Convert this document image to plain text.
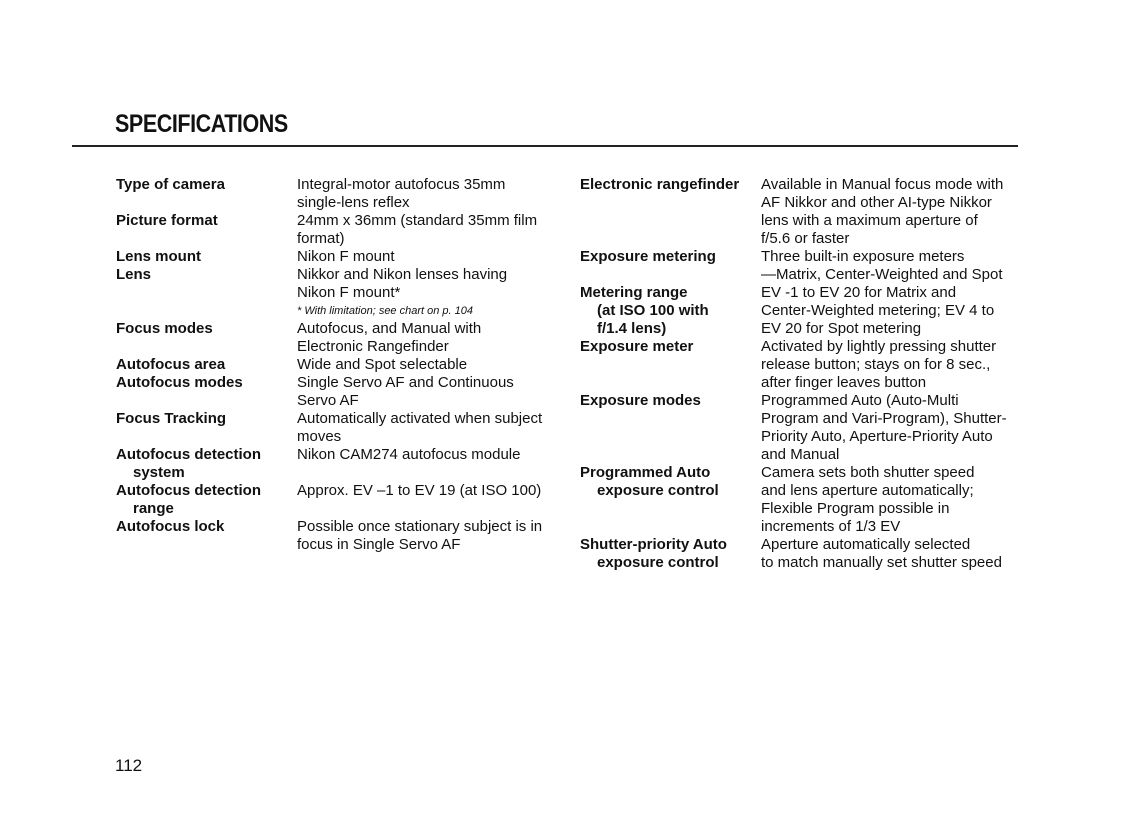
SPECIFICATIONS
Type of camera
Picture format
Lens mount
Lens
Focus modes
Autofocus area
Autofocus modes
Focus Tracking
Autofocus detection
system
Autofocus detection
range
Autofocus lock
Integral-motor autofocus 35mm
single-lens reflex
24mm x 36mm (standard 35mm film
format)
Nikon F mount
Nikkor and Nikon lenses having
Nikon F mount*
* With limitation; see chart on p. 104
Autofocus, and Manual with
Electronic Rangefinder
Wide and Spot selectable
Single Servo AF and Continuous
Servo AF
Automatically activated when subject
moves
Nikon CAM274 autofocus module
Approx. EV –1 to EV 19 (at ISO 100)
Possible once stationary subject is in
focus in Single Servo AF
Electronic rangefinder
Exposure metering
Metering range
(at ISO 100 with
f/1.4 lens)
Exposure meter
Exposure modes
Programmed Auto
exposure control
Shutter-priority Auto
exposure control
Available in Manual focus mode with
AF Nikkor and other AI-type Nikkor
lens with a maximum aperture of
f/5.6 or faster
Three built-in exposure meters
—Matrix, Center-Weighted and Spot
EV -1 to EV 20 for Matrix and
Center-Weighted metering; EV 4 to
EV 20 for Spot metering
Activated by lightly pressing shutter
release button; stays on for 8 sec.,
after finger leaves button
Programmed Auto (Auto-Multi
Program and Vari-Program), Shutter-
Priority Auto, Aperture-Priority Auto
and Manual
Camera sets both shutter speed
and lens aperture automatically;
Flexible Program possible in
increments of 1/3 EV
Aperture automatically selected
to match manually set shutter speed
112
